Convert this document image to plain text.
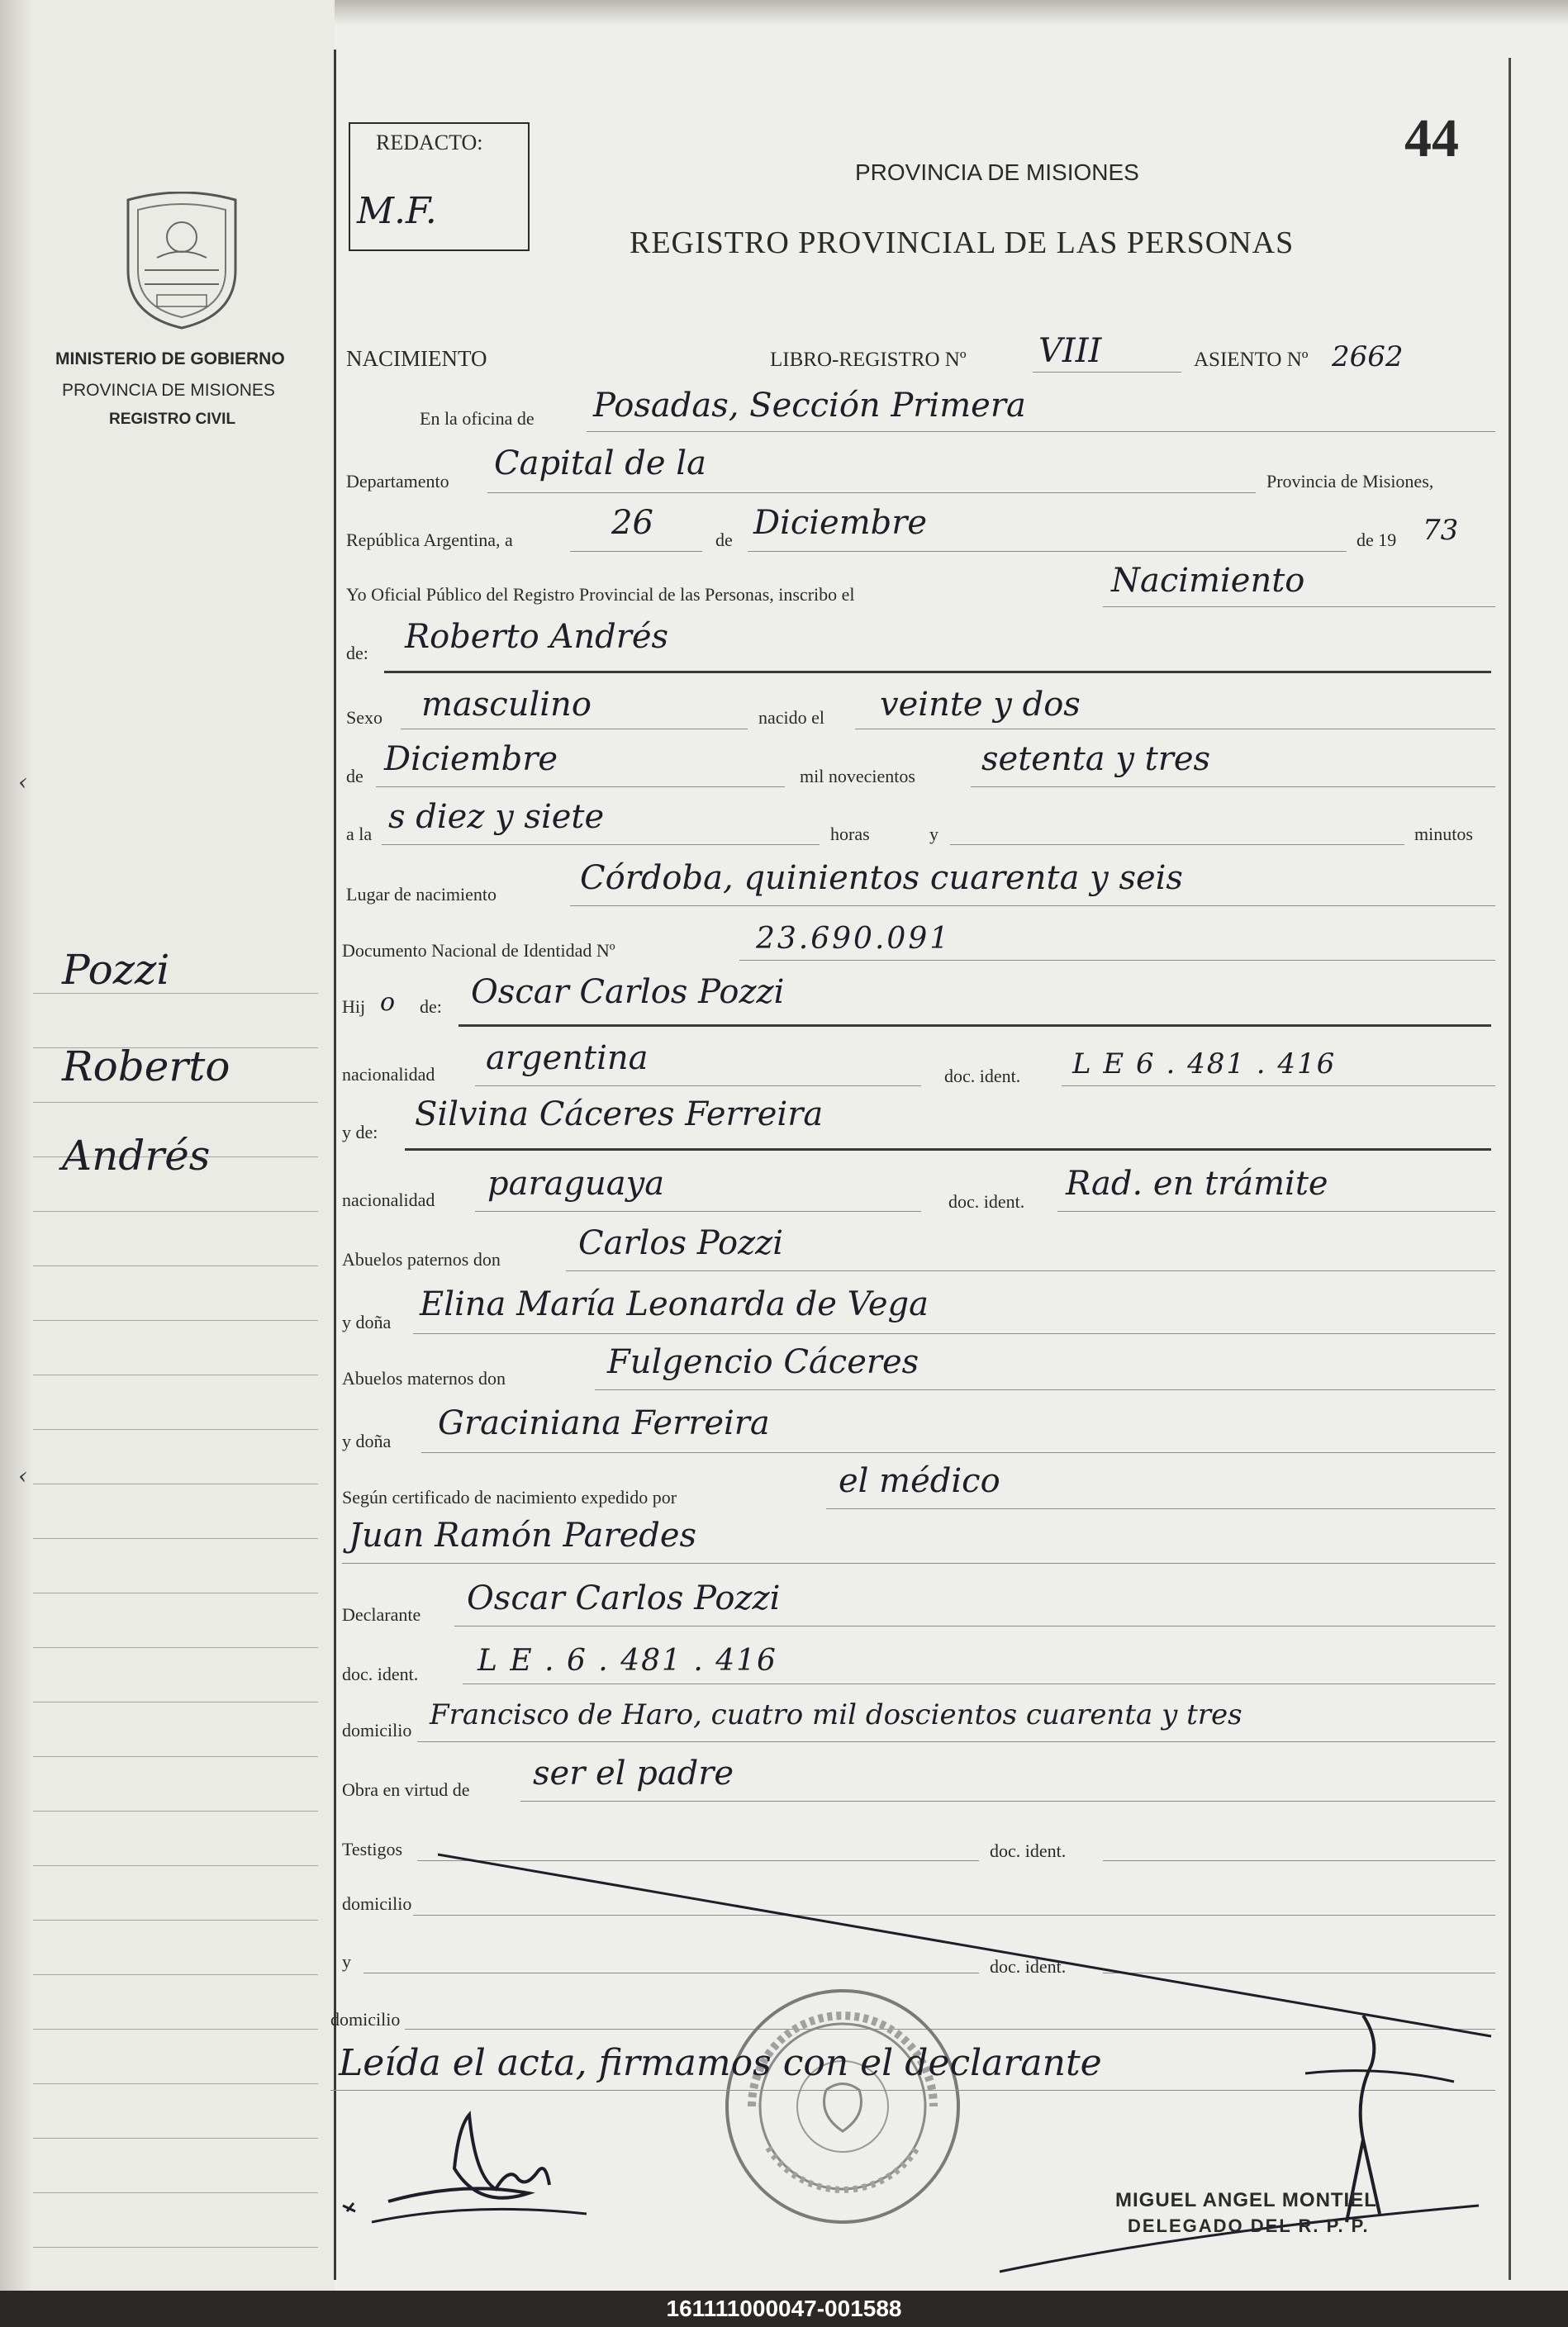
MINISTERIO DE GOBIERNO
PROVINCIA DE MISIONES
REGISTRO CIVIL
‹
‹
Pozzi
Roberto
Andrés
REDACTO:
M.F.
44
PROVINCIA DE MISIONES
REGISTRO PROVINCIAL DE LAS PERSONAS
NACIMIENTO	LIBRO-REGISTRO Nº VIII	ASIENTO Nº 2662
En la oficina de Posadas, Sección Primera
Departamento Capital de la	Provincia de Misiones,
República Argentina, a	26	de Diciembre	de 19 73
Yo Oficial Público del Registro Provincial de las Personas, inscribo el	Nacimiento
de: Roberto Andrés
Sexo masculino	nacido el veinte y dos
de Diciembre	mil novecientos setenta y tres
a la s diez y siete	horas	y	minutos
Lugar de nacimiento	Córdoba, quinientos cuarenta y seis
Documento Nacional de Identidad Nº	23.690.091
Hij o de: Oscar Carlos Pozzi
nacionalidad argentina	doc. ident. L E 6 . 481 . 416
y de: Silvina Cáceres Ferreira
nacionalidad paraguaya	doc. ident. Rad. en trámite
Abuelos paternos don Carlos Pozzi
y doña Elina María Leonarda de Vega
Abuelos maternos don	Fulgencio Cáceres
y doña Graciniana Ferreira
Según certificado de nacimiento expedido por	el médico
Juan Ramón Paredes
Declarante Oscar Carlos Pozzi
doc. ident. L E . 6 . 481 . 416
domicilio Francisco de Haro, cuatro mil doscientos cuarenta y tres
Obra en virtud de ser el padre
Testigos	doc. ident.
domicilio
y	doc. ident.
domicilio
Leída el acta, firmamos con el declarante
MIGUEL ANGEL MONTIEL
DELEGADO DEL R. P. P.
161111000047-001588
